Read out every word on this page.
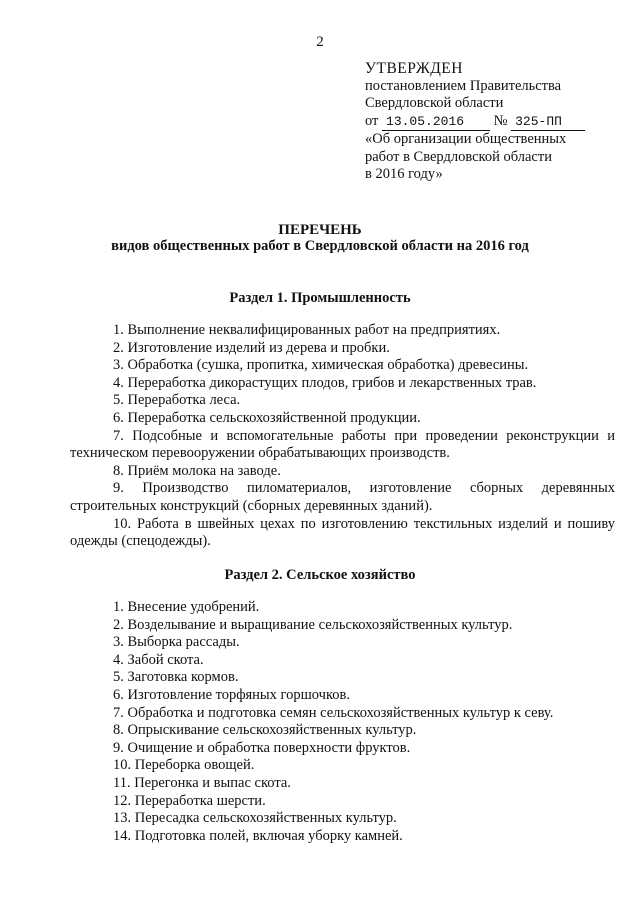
2
УТВЕРЖДЕН
постановлением Правительства
Свердловской области
от 13.05.2016 № 325-ПП
«Об организации общественных
работ в Свердловской области
в 2016 году»
ПЕРЕЧЕНЬ
видов общественных работ в Свердловской области на 2016 год
Раздел 1. Промышленность
1. Выполнение неквалифицированных работ на предприятиях.
2. Изготовление изделий из дерева и пробки.
3. Обработка (сушка, пропитка, химическая обработка) древесины.
4. Переработка дикорастущих плодов, грибов и лекарственных трав.
5. Переработка леса.
6. Переработка сельскохозяйственной продукции.
7. Подсобные и вспомогательные работы при проведении реконструкции и техническом перевооружении обрабатывающих производств.
8. Приём молока на заводе.
9. Производство пиломатериалов, изготовление сборных деревянных строительных конструкций (сборных деревянных зданий).
10. Работа в швейных цехах по изготовлению текстильных изделий и пошиву одежды (спецодежды).
Раздел 2. Сельское хозяйство
1. Внесение удобрений.
2. Возделывание и выращивание сельскохозяйственных культур.
3. Выборка рассады.
4. Забой скота.
5. Заготовка кормов.
6. Изготовление торфяных горшочков.
7. Обработка и подготовка семян сельскохозяйственных культур к севу.
8. Опрыскивание сельскохозяйственных культур.
9. Очищение и обработка поверхности фруктов.
10. Переборка овощей.
11. Перегонка и выпас скота.
12. Переработка шерсти.
13. Пересадка сельскохозяйственных культур.
14. Подготовка полей, включая уборку камней.
